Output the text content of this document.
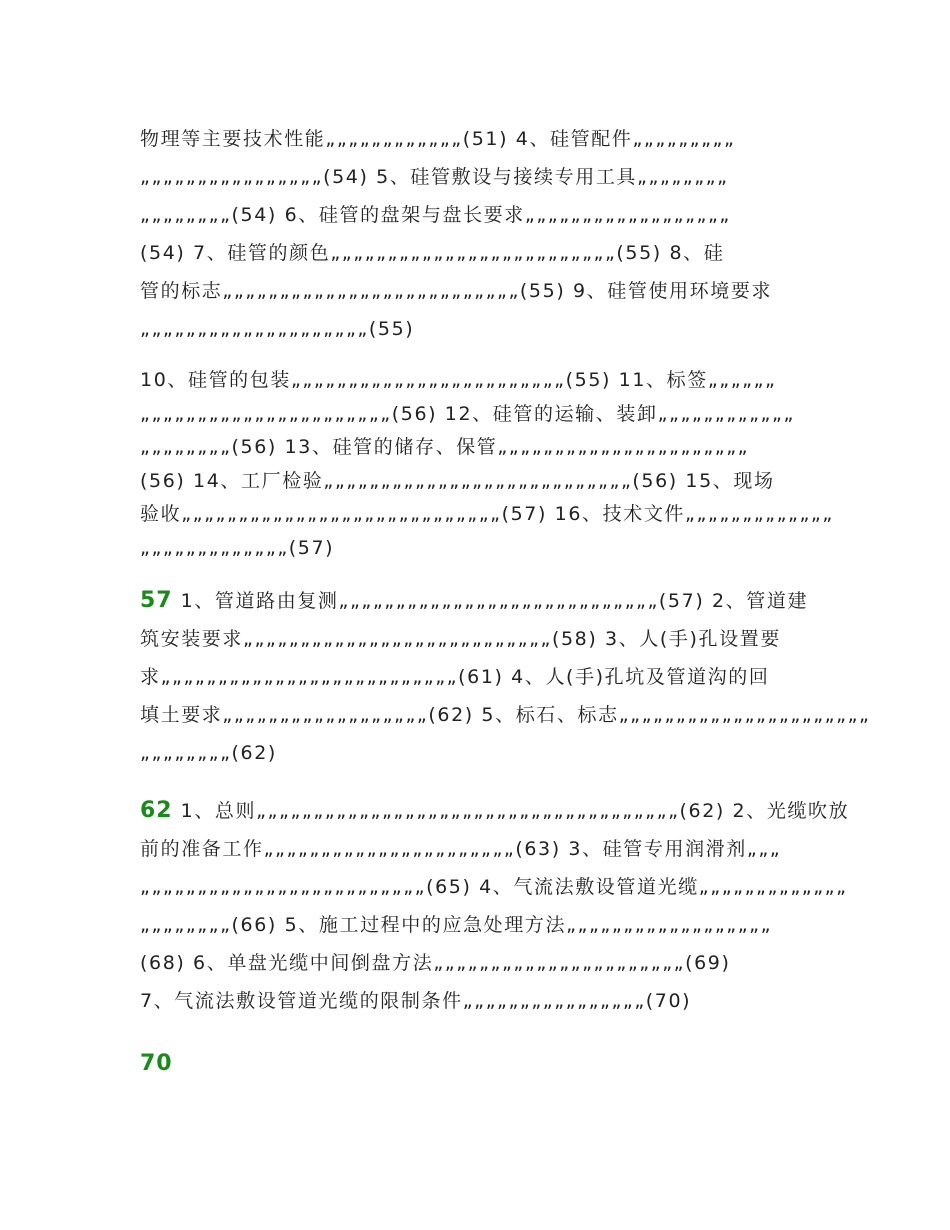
物理等主要技术性能„„„„„„„„„„„„(51) 4、硅管配件„„„„„„„„„
„„„„„„„„„„„„„„„„(54) 5、硅管敷设与接续专用工具„„„„„„„„
„„„„„„„„(54) 6、硅管的盘架与盘长要求„„„„„„„„„„„„„„„„„„
(54) 7、硅管的颜色„„„„„„„„„„„„„„„„„„„„„„„„„(55) 8、硅
管的标志„„„„„„„„„„„„„„„„„„„„„„„„„„(55) 9、硅管使用环境要求
„„„„„„„„„„„„„„„„„„„„(55)
10、硅管的包装„„„„„„„„„„„„„„„„„„„„„„„„(55) 11、标签„„„„„„
„„„„„„„„„„„„„„„„„„„„„„(56) 12、硅管的运输、装卸„„„„„„„„„„„„
„„„„„„„„(56) 13、硅管的储存、保管„„„„„„„„„„„„„„„„„„„„„„
(56) 14、工厂检验„„„„„„„„„„„„„„„„„„„„„„„„„„„(56) 15、现场
验收„„„„„„„„„„„„„„„„„„„„„„„„„„„„(57) 16、技术文件„„„„„„„„„„„„„
„„„„„„„„„„„„„(57)
57 1、管道路由复测„„„„„„„„„„„„„„„„„„„„„„„„„„„„(57) 2、管道建
筑安装要求„„„„„„„„„„„„„„„„„„„„„„„„„„„(58) 3、人(手)孔设置要
求„„„„„„„„„„„„„„„„„„„„„„„„„„(61) 4、人(手)孔坑及管道沟的回
填土要求„„„„„„„„„„„„„„„„„„(62) 5、标石、标志„„„„„„„„„„„„„„„„„„„„„„
„„„„„„„„(62)
62 1、总则„„„„„„„„„„„„„„„„„„„„„„„„„„„„„„„„„„„„„(62) 2、光缆吹放
前的准备工作„„„„„„„„„„„„„„„„„„„„„„(63) 3、硅管专用润滑剂„„„
„„„„„„„„„„„„„„„„„„„„„„„„„(65) 4、气流法敷设管道光缆„„„„„„„„„„„„„
„„„„„„„„(66) 5、施工过程中的应急处理方法„„„„„„„„„„„„„„„„„„
(68) 6、单盘光缆中间倒盘方法„„„„„„„„„„„„„„„„„„„„„„(69)
7、气流法敷设管道光缆的限制条件„„„„„„„„„„„„„„„„(70)
70
